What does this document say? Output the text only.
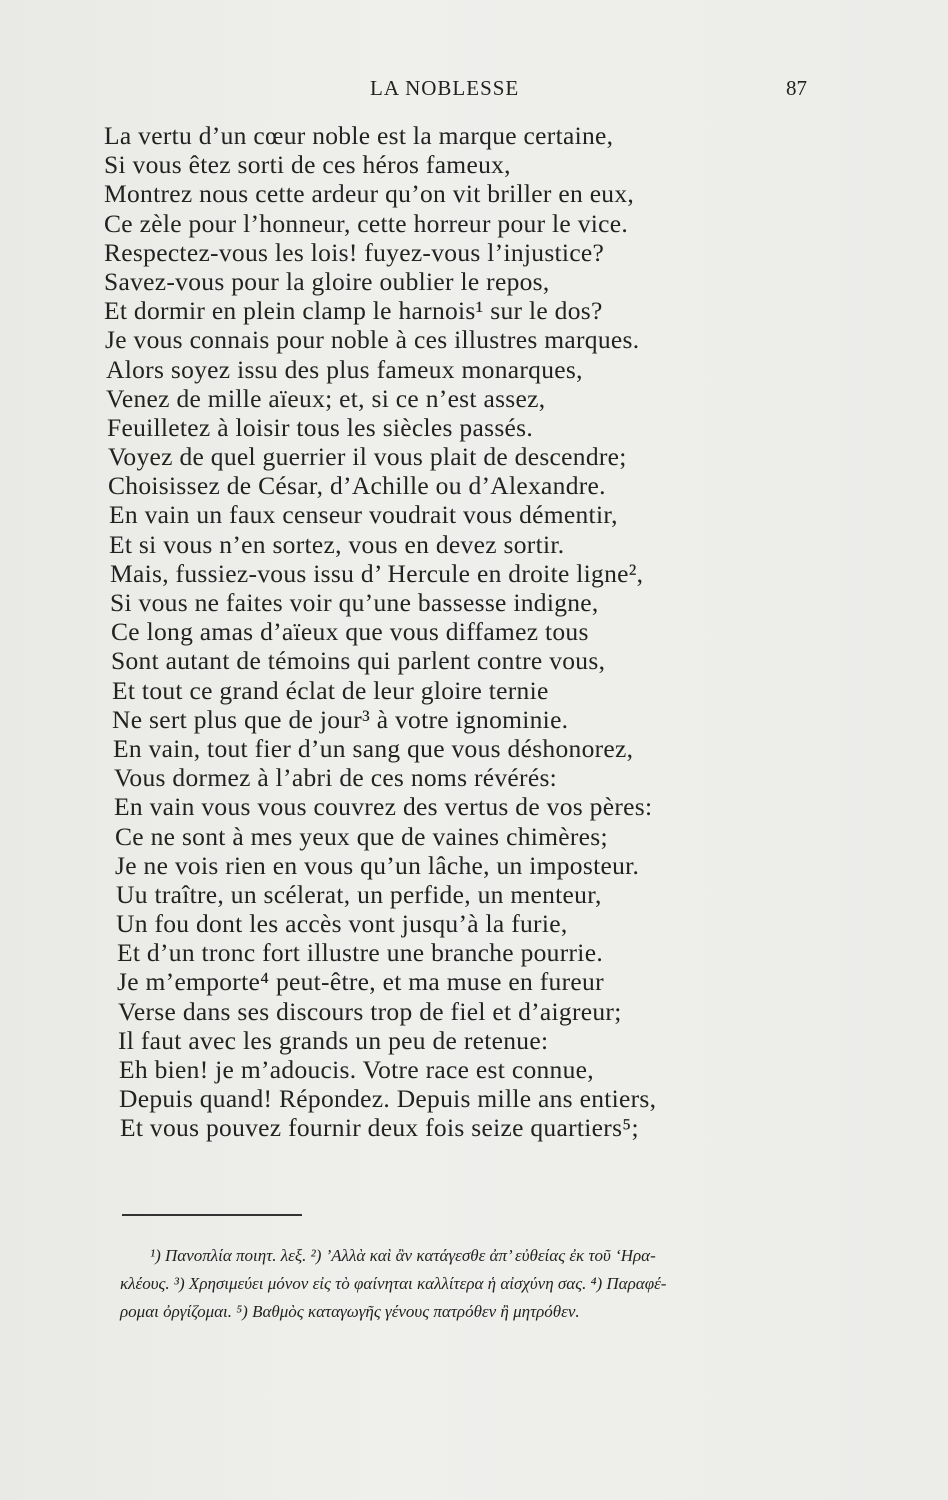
LA NOBLESSE	87
La vertu d’un cœur noble est la marque certaine,
Si vous êtez sorti de ces héros fameux,
Montrez nous cette ardeur qu’on vit briller en eux,
Ce zèle pour l’honneur, cette horreur pour le vice.
Respectez-vous les lois! fuyez-vous l’injustice?
Savez-vous pour la gloire oublier le repos,
Et dormir en plein clamp le harnois¹ sur le dos?
Je vous connais pour noble à ces illustres marques.
Alors soyez issu des plus fameux monarques,
Venez de mille aïeux; et, si ce n’est assez,
Feuilletez à loisir tous les siècles passés.
Voyez de quel guerrier il vous plait de descendre;
Choisissez de César, d’Achille ou d’Alexandre.
En vain un faux censeur voudrait vous démentir,
Et si vous n’en sortez, vous en devez sortir.
Mais, fussiez-vous issu d’ Hercule en droite ligne²,
Si vous ne faites voir qu’une bassesse indigne,
Ce long amas d’aïeux que vous diffamez tous
Sont autant de témoins qui parlent contre vous,
Et tout ce grand éclat de leur gloire ternie
Ne sert plus que de jour³ à votre ignominie.
En vain, tout fier d’un sang que vous déshonorez,
Vous dormez à l’abri de ces noms révérés:
En vain vous vous couvrez des vertus de vos pères:
Ce ne sont à mes yeux que de vaines chimères;
Je ne vois rien en vous qu’un lâche, un imposteur.
Uu traître, un scélerat, un perfide, un menteur,
Un fou dont les accès vont jusqu’à la furie,
Et d’un tronc fort illustre une branche pourrie.
Je m’emporte⁴ peut-être, et ma muse en fureur
Verse dans ses discours trop de fiel et d’aigreur;
Il faut avec les grands un peu de retenue:
Eh bien! je m’adoucis. Votre race est connue,
Depuis quand! Répondez. Depuis mille ans entiers,
Et vous pouvez fournir deux fois seize quartiers⁵;
¹) Πανοπλία ποιητ. λεξ. ²) ’Αλλὰ καὶ ἂν κατάγεσθε ἀπ’ εὐθείας ἐκ τοῦ ‘Ηρα-
κλέους. ³) Χρησιμεύει μόνον εἰς τὸ φαίνηται καλλίτερα ἡ αἰσχύνη σας. ⁴) Παραφέ-
ρομαι ὀργίζομαι. ⁵) Βαθμὸς καταγωγῆς γένους πατρόθεν ἢ μητρόθεν.
